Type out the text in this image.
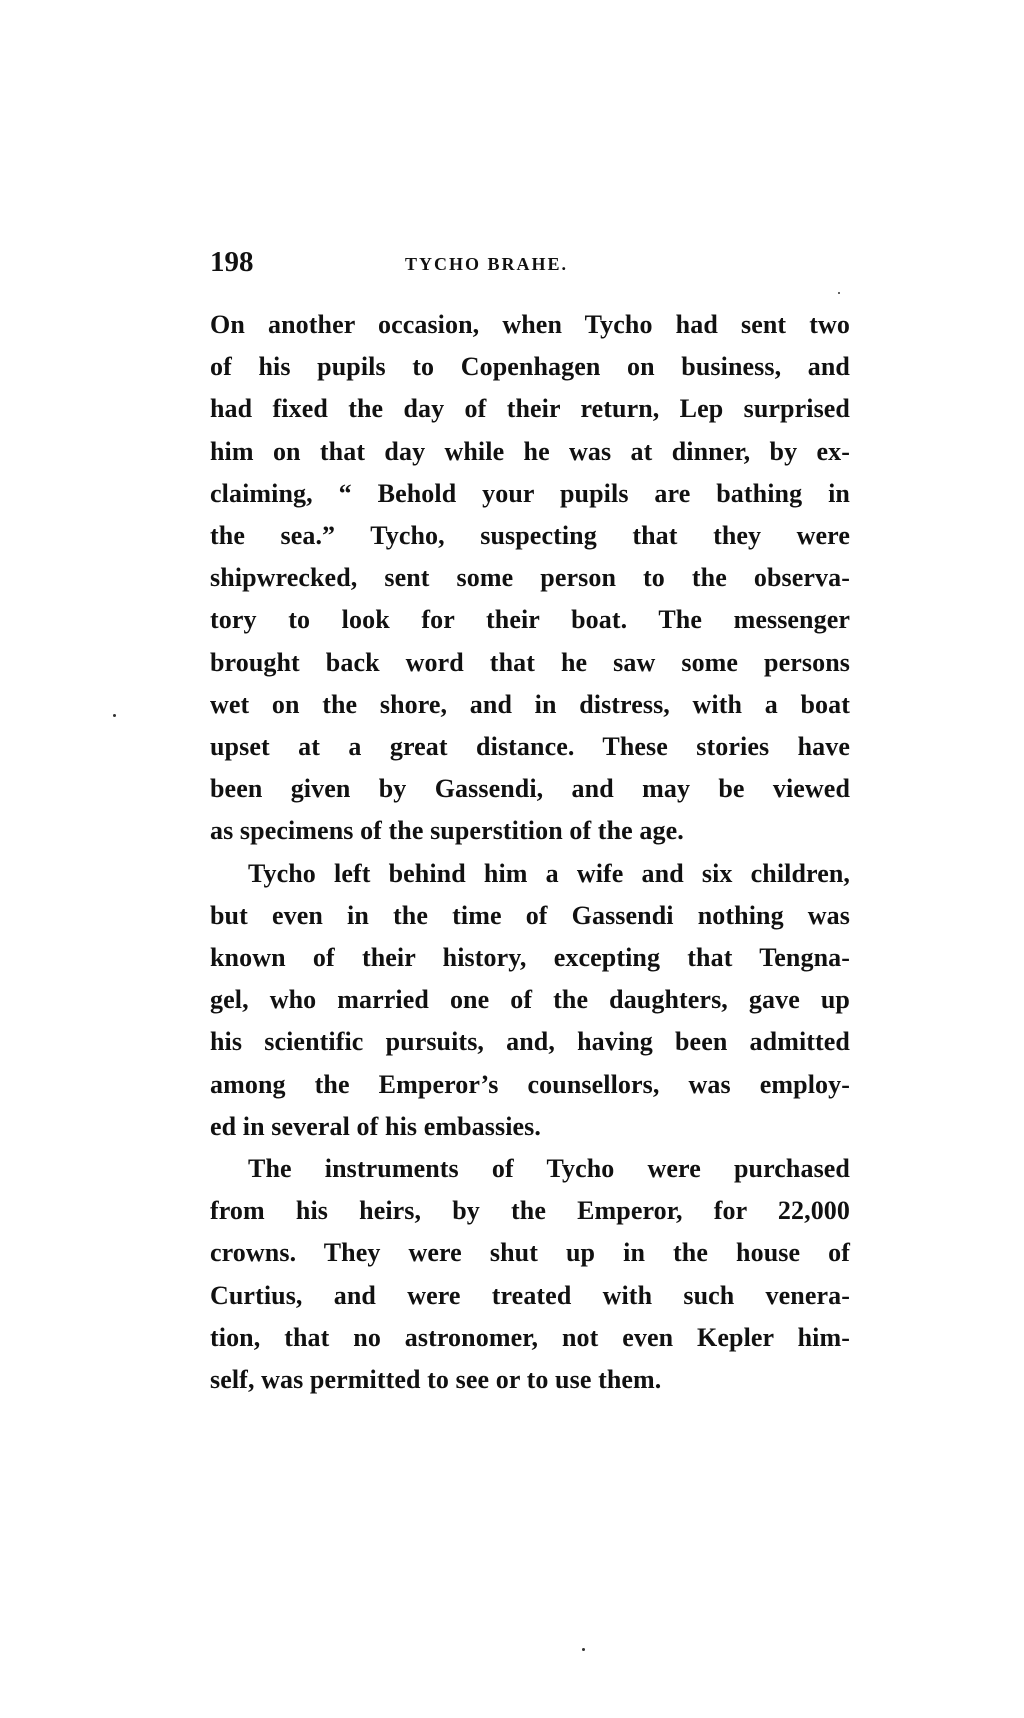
198	TYCHO BRAHE.

On another occasion, when Tycho had sent two
of his pupils to Copenhagen on business, and
had fixed the day of their return, Lep surprised
him on that day while he was at dinner, by ex-
claiming, “ Behold your pupils are bathing in
the sea.” Tycho, suspecting that they were
shipwrecked, sent some person to the observa-
tory to look for their boat. The messenger
brought back word that he saw some persons
wet on the shore, and in distress, with a boat
upset at a great distance. These stories have
been given by Gassendi, and may be viewed
as specimens of the superstition of the age.

Tycho left behind him a wife and six children,
but even in the time of Gassendi nothing was
known of their history, excepting that Tengna-
gel, who married one of the daughters, gave up
his scientific pursuits, and, having been admitted
among the Emperor’s counsellors, was employ-
ed in several of his embassies.

The instruments of Tycho were purchased
from his heirs, by the Emperor, for 22,000
crowns. They were shut up in the house of
Curtius, and were treated with such venera-
tion, that no astronomer, not even Kepler him-
self, was permitted to see or to use them.
